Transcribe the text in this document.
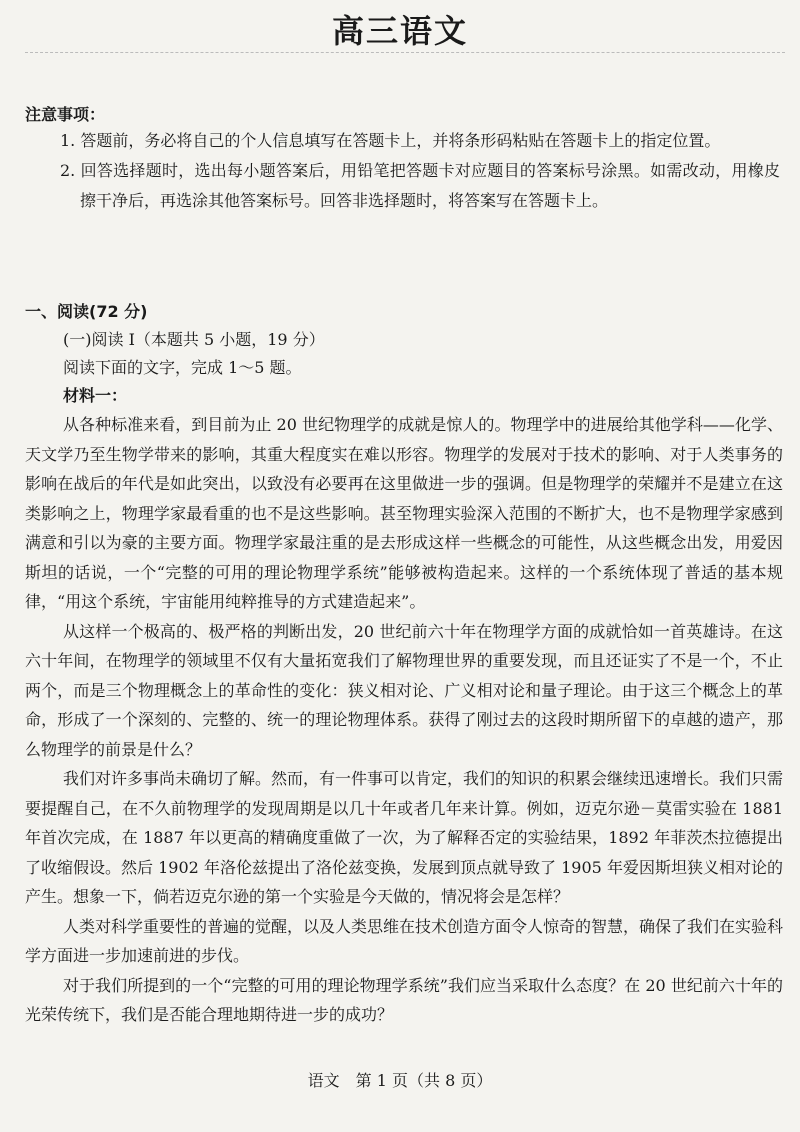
高三语文
注意事项：

1. 答题前，务必将自己的个人信息填写在答题卡上，并将条形码粘贴在答题卡上的指定位置。

2. 回答选择题时，选出每小题答案后，用铅笔把答题卡对应题目的答案标号涂黑。如需改动，用橡皮擦干净后，再选涂其他答案标号。回答非选择题时，将答案写在答题卡上。

一、阅读(72 分)

(一)阅读 I（本题共 5 小题，19 分）

阅读下面的文字，完成 1～5 题。

材料一：

从各种标准来看，到目前为止 20 世纪物理学的成就是惊人的。物理学中的进展给其他学科——化学、天文学乃至生物学带来的影响，其重大程度实在难以形容。物理学的发展对于技术的影响、对于人类事务的影响在战后的年代是如此突出，以致没有必要再在这里做进一步的强调。但是物理学的荣耀并不是建立在这类影响之上，物理学家最看重的也不是这些影响。甚至物理实验深入范围的不断扩大，也不是物理学家感到满意和引以为豪的主要方面。物理学家最注重的是去形成这样一些概念的可能性，从这些概念出发，用爱因斯坦的话说，一个“完整的可用的理论物理学系统”能够被构造起来。这样的一个系统体现了普适的基本规律，“用这个系统，宇宙能用纯粹推导的方式建造起来”。

从这样一个极高的、极严格的判断出发，20 世纪前六十年在物理学方面的成就恰如一首英雄诗。在这六十年间，在物理学的领域里不仅有大量拓宽我们了解物理世界的重要发现，而且还证实了不是一个，不止两个，而是三个物理概念上的革命性的变化：狭义相对论、广义相对论和量子理论。由于这三个概念上的革命，形成了一个深刻的、完整的、统一的理论物理体系。获得了刚过去的这段时期所留下的卓越的遗产，那么物理学的前景是什么？

我们对许多事尚未确切了解。然而，有一件事可以肯定，我们的知识的积累会继续迅速增长。我们只需要提醒自己，在不久前物理学的发现周期是以几十年或者几年来计算。例如，迈克尔逊－莫雷实验在 1881 年首次完成，在 1887 年以更高的精确度重做了一次，为了解释否定的实验结果，1892 年菲茨杰拉德提出了收缩假设。然后 1902 年洛伦兹提出了洛伦兹变换，发展到顶点就导致了 1905 年爱因斯坦狭义相对论的产生。想象一下，倘若迈克尔逊的第一个实验是今天做的，情况将会是怎样？

人类对科学重要性的普遍的觉醒，以及人类思维在技术创造方面令人惊奇的智慧，确保了我们在实验科学方面进一步加速前进的步伐。

对于我们所提到的一个“完整的可用的理论物理学系统”我们应当采取什么态度？在 20 世纪前六十年的光荣传统下，我们是否能合理地期待进一步的成功？

语文　第 1 页（共 8 页）
